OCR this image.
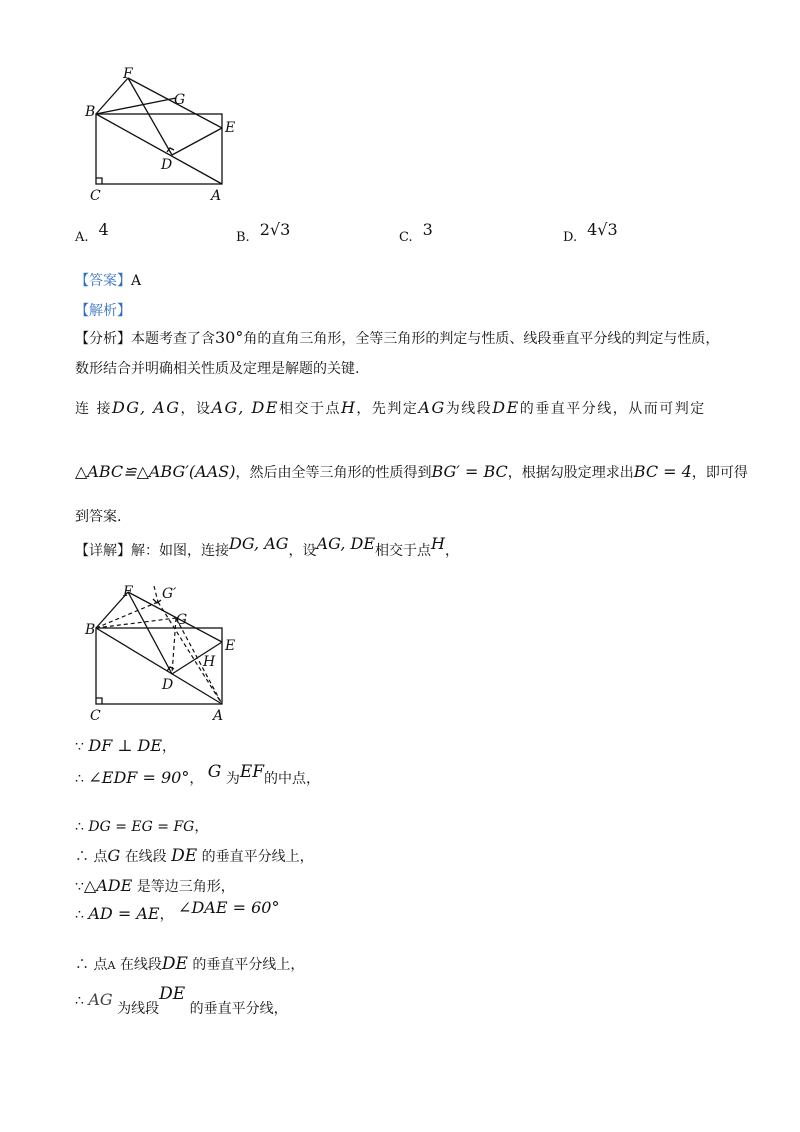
F
G
B
E
D
C	A
A. 4	B. 2√3	C. 3	D. 4√3
【答案】A
【解析】
【分析】本题考查了含30°角的直角三角形，全等三角形的判定与性质、线段垂直平分线的判定与性质，
数形结合并明确相关性质及定理是解题的关键.
连 接DG, AG，设AG, DE相交于点H，先判定AG为线段DE的垂直平分线，从而可判定
△ABC≌△ABG′(AAS)，然后由全等三角形的性质得到BG′ = BC，根据勾股定理求出BC = 4，即可得
到答案.
【详解】解：如图，连接DG, AG，设AG, DE相交于点H，
F G′
B
G
E
H
D
C	A
∵ DF ⊥ DE，
∴ ∠EDF = 90°， G 为EF的中点，
∴ DG = EG = FG，
∴ 点G 在线段 DE 的垂直平分线上，
∵△ADE 是等边三角形，
∴ AD = AE， ∠DAE = 60°
∴ 点A 在线段DE 的垂直平分线上，
∴ AG 为线段DE 的垂直平分线，
